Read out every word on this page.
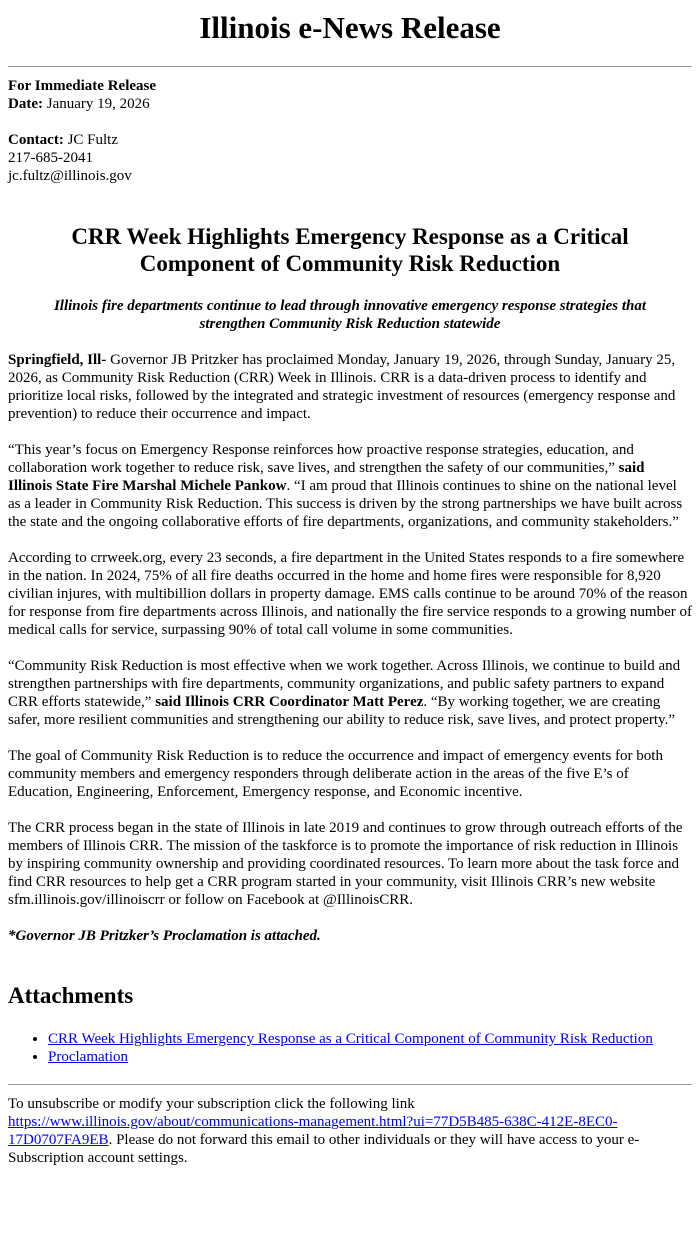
Illinois e-News Release

For Immediate Release

Date: January 19, 2026

Contact: JC Fultz

217-685-2041

jc.fultz@illinois.gov

CRR Week Highlights Emergency Response as a Critical Component of Community Risk Reduction
Illinois fire departments continue to lead through innovative emergency response strategies that strengthen Community Risk Reduction statewide

Springfield, Ill- Governor JB Pritzker has proclaimed Monday, January 19, 2026, through Sunday, January 25, 2026, as Community Risk Reduction (CRR) Week in Illinois. CRR is a data-driven process to identify and prioritize local risks, followed by the integrated and strategic investment of resources (emergency response and prevention) to reduce their occurrence and impact.

“This year’s focus on Emergency Response reinforces how proactive response strategies, education, and collaboration work together to reduce risk, save lives, and strengthen the safety of our communities,” said Illinois State Fire Marshal Michele Pankow. “I am proud that Illinois continues to shine on the national level as a leader in Community Risk Reduction. This success is driven by the strong partnerships we have built across the state and the ongoing collaborative efforts of fire departments, organizations, and community stakeholders.”

According to crrweek.org, every 23 seconds, a fire department in the United States responds to a fire somewhere in the nation. In 2024, 75% of all fire deaths occurred in the home and home fires were responsible for 8,920 civilian injures, with multibillion dollars in property damage. EMS calls continue to be around 70% of the reason for response from fire departments across Illinois, and nationally the fire service responds to a growing number of medical calls for service, surpassing 90% of total call volume in some communities.

“Community Risk Reduction is most effective when we work together. Across Illinois, we continue to build and strengthen partnerships with fire departments, community organizations, and public safety partners to expand CRR efforts statewide,” said Illinois CRR Coordinator Matt Perez. “By working together, we are creating safer, more resilient communities and strengthening our ability to reduce risk, save lives, and protect property.”

The goal of Community Risk Reduction is to reduce the occurrence and impact of emergency events for both community members and emergency responders through deliberate action in the areas of the five E’s of Education, Engineering, Enforcement, Emergency response, and Economic incentive.

The CRR process began in the state of Illinois in late 2019 and continues to grow through outreach efforts of the members of Illinois CRR. The mission of the taskforce is to promote the importance of risk reduction in Illinois by inspiring community ownership and providing coordinated resources. To learn more about the task force and find CRR resources to help get a CRR program started in your community, visit Illinois CRR’s new website sfm.illinois.gov/illinoiscrr or follow on Facebook at @IllinoisCRR.

*Governor JB Pritzker’s Proclamation is attached.

Attachments
• CRR Week Highlights Emergency Response as a Critical Component of Community Risk Reduction
• Proclamation

To unsubscribe or modify your subscription click the following link
https://www.illinois.gov/about/communications-management.html?ui=77D5B485-638C-412E-8EC0-17D0707FA9EB. Please do not forward this email to other individuals or they will have access to your e-Subscription account settings.
